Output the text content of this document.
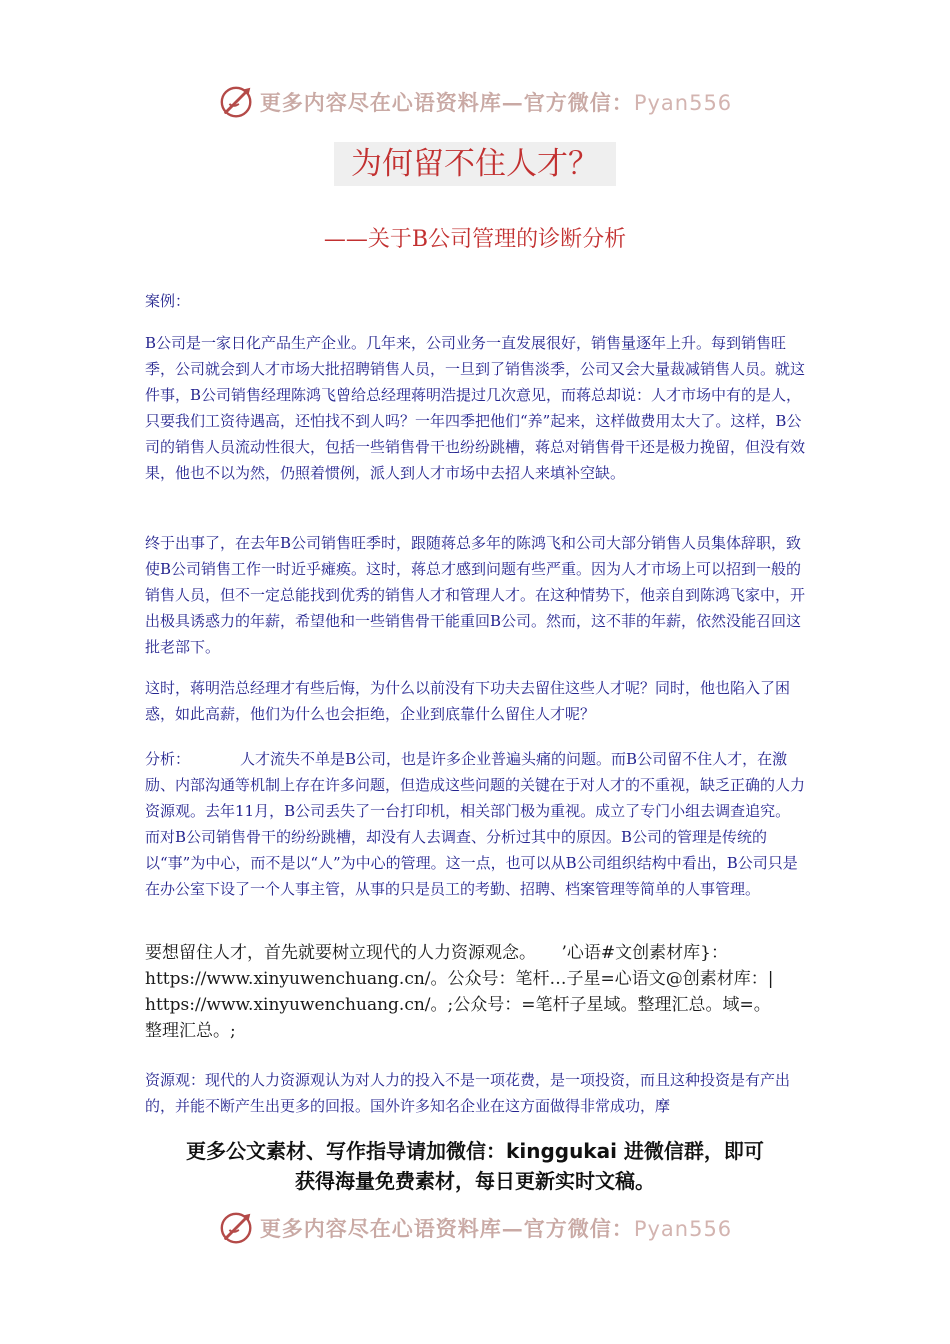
更多内容尽在心语资料库—官方微信：Pyan556
为何留不住人才？
——关于B公司管理的诊断分析
案例：

B公司是一家日化产品生产企业。几年来，公司业务一直发展很好，销售量逐年上升。每到销售旺季，公司就会到人才市场大批招聘销售人员，一旦到了销售淡季，公司又会大量裁减销售人员。就这件事，B公司销售经理陈鸿飞曾给总经理蒋明浩提过几次意见，而蒋总却说：人才市场中有的是人，只要我们工资待遇高，还怕找不到人吗？一年四季把他们“养”起来，这样做费用太大了。这样，B公司的销售人员流动性很大，包括一些销售骨干也纷纷跳槽，蒋总对销售骨干还是极力挽留，但没有效果，他也不以为然，仍照着惯例，派人到人才市场中去招人来填补空缺。

终于出事了，在去年B公司销售旺季时，跟随蒋总多年的陈鸿飞和公司大部分销售人员集体辞职，致使B公司销售工作一时近乎瘫痪。这时，蒋总才感到问题有些严重。因为人才市场上可以招到一般的销售人员，但不一定总能找到优秀的销售人才和管理人才。在这种情势下，他亲自到陈鸿飞家中，开出极具诱惑力的年薪，希望他和一些销售骨干能重回B公司。然而，这不菲的年薪，依然没能召回这批老部下。

这时，蒋明浩总经理才有些后悔，为什么以前没有下功夫去留住这些人才呢？同时，他也陷入了困惑，如此高薪，他们为什么也会拒绝，企业到底靠什么留住人才呢？

分析：	人才流失不单是B公司，也是许多企业普遍头痛的问题。而B公司留不住人才，在激励、内部沟通等机制上存在许多问题，但造成这些问题的关键在于对人才的不重视，缺乏正确的人力资源观。去年11月，B公司丢失了一台打印机，相关部门极为重视。成立了专门小组去调查追究。而对B公司销售骨干的纷纷跳槽，却没有人去调查、分析过其中的原因。B公司的管理是传统的以“事”为中心，而不是以“人”为中心的管理。这一点，也可以从B公司组织结构中看出，B公司只是在办公室下设了一个人事主管，从事的只是员工的考勤、招聘、档案管理等简单的人事管理。

要想留住人才，首先就要树立现代的人力资源观念。　　’心语#文创素材库}：

https://www.xinyuwenchuang.cn/。公众号：笔杆…子星=心语文@创素材库：|

https://www.xinyuwenchuang.cn/。;公众号：=笔杆子星域。整理汇总。域=。

整理汇总。;

资源观：现代的人力资源观认为对人力的投入不是一项花费，是一项投资，而且这种投资是有产出的，并能不断产生出更多的回报。国外许多知名企业在这方面做得非常成功，摩

更多公文素材、写作指导请加微信：kinggukai 进微信群，即可
获得海量免费素材，每日更新实时文稿。
更多内容尽在心语资料库—官方微信：Pyan556
